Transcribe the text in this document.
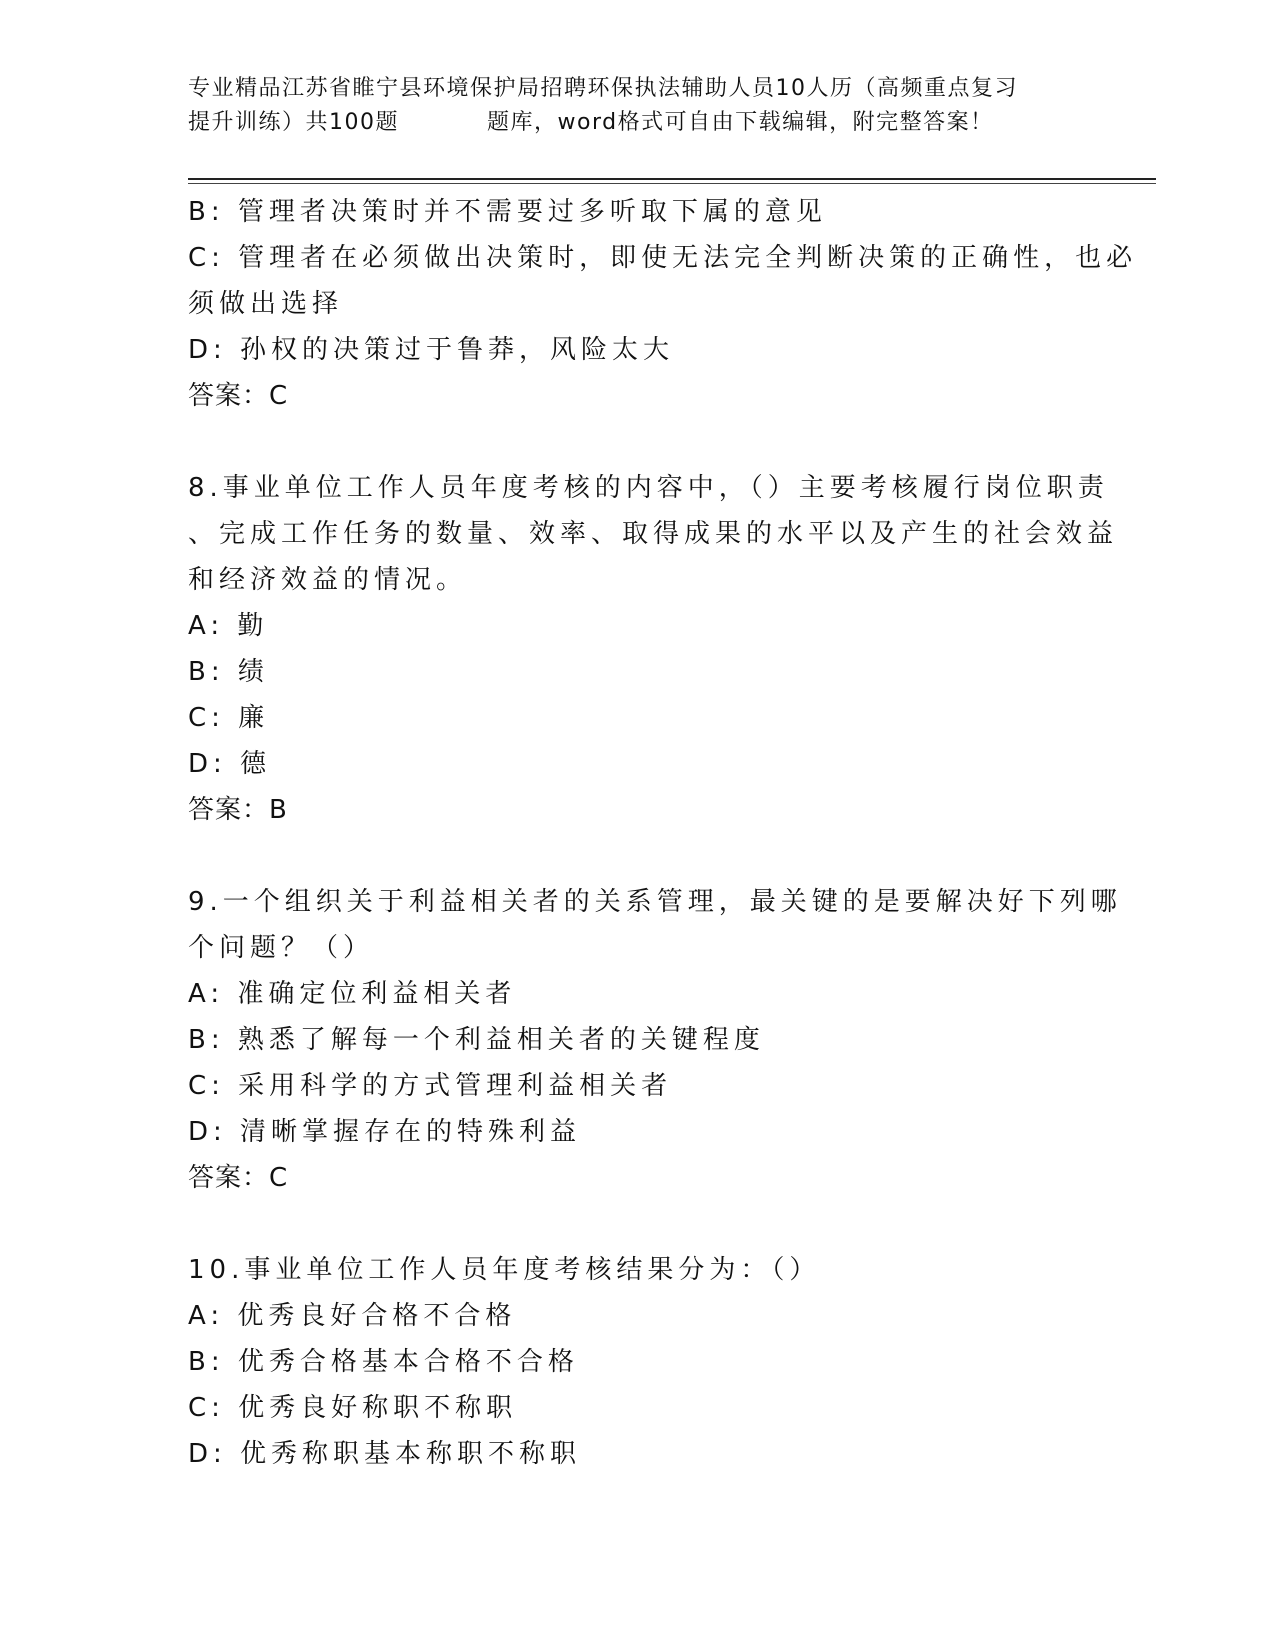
专业精品江苏省睢宁县环境保护局招聘环保执法辅助人员10人历（高频重点复习
提升训练）共100题	题库，word格式可自由下载编辑，附完整答案！
B: 管理者决策时并不需要过多听取下属的意见
C: 管理者在必须做出决策时，即使无法完全判断决策的正确性，也必
须做出选择
D: 孙权的决策过于鲁莽，风险太大
答案：C
8.事业单位工作人员年度考核的内容中，（）主要考核履行岗位职责
、完成工作任务的数量、效率、取得成果的水平以及产生的社会效益
和经济效益的情况。
A: 勤
B: 绩
C: 廉
D: 德
答案：B
9.一个组织关于利益相关者的关系管理，最关键的是要解决好下列哪
个问题？（）
A: 准确定位利益相关者
B: 熟悉了解每一个利益相关者的关键程度
C: 采用科学的方式管理利益相关者
D: 清晰掌握存在的特殊利益
答案：C
10.事业单位工作人员年度考核结果分为：（）
A: 优秀良好合格不合格
B: 优秀合格基本合格不合格
C: 优秀良好称职不称职
D: 优秀称职基本称职不称职
